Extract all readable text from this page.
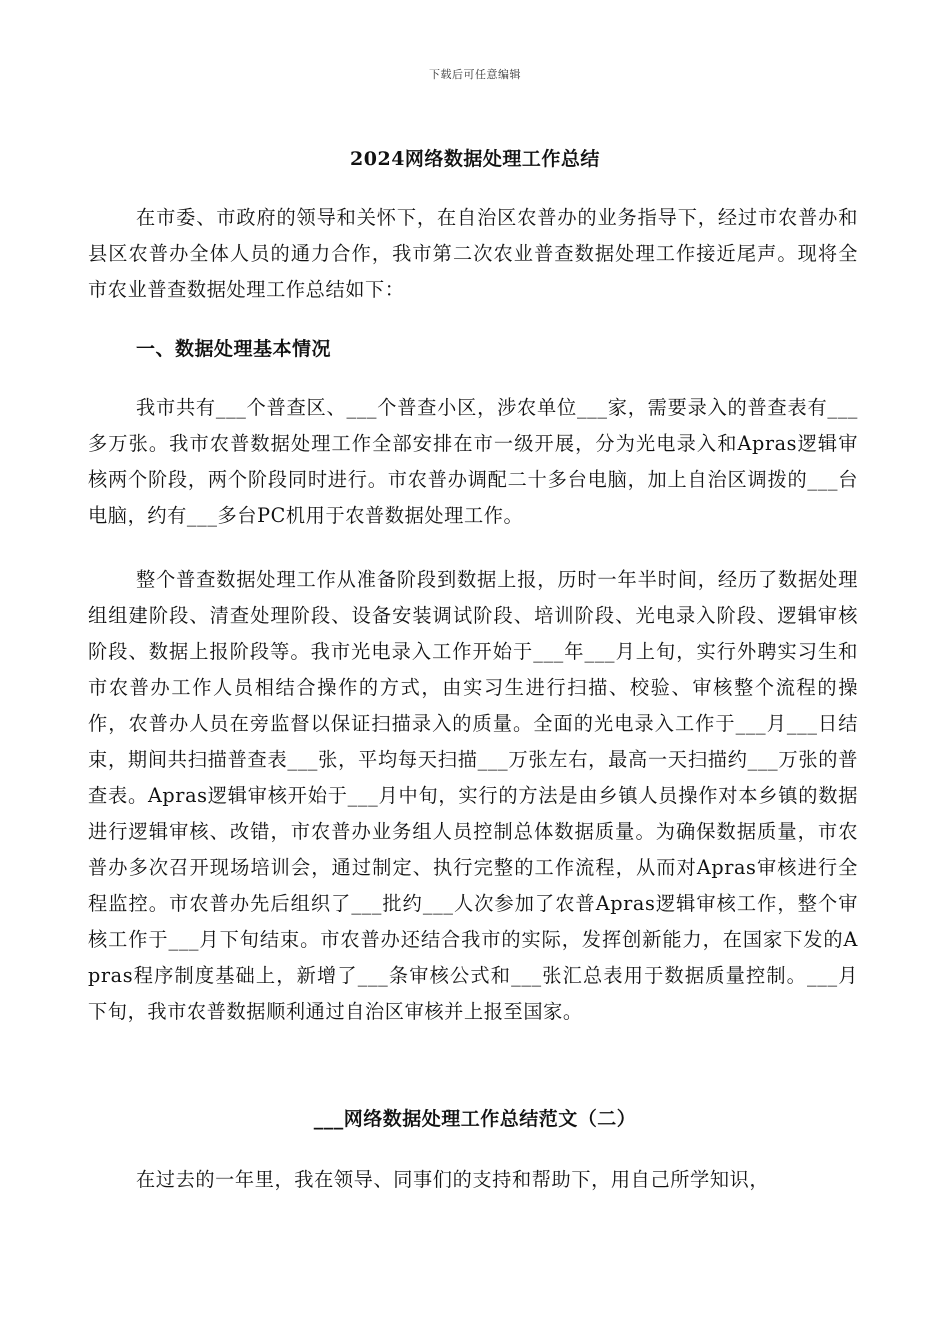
下载后可任意编辑
2024网络数据处理工作总结

在市委、市政府的领导和关怀下，在自治区农普办的业务指导下，经过市农普办和县区农普办全体人员的通力合作，我市第二次农业普查数据处理工作接近尾声。现将全市农业普查数据处理工作总结如下：

一、数据处理基本情况

我市共有___个普查区、___个普查小区，涉农单位___家，需要录入的普查表有___多万张。我市农普数据处理工作全部安排在市一级开展，分为光电录入和Apras逻辑审核两个阶段，两个阶段同时进行。市农普办调配二十多台电脑，加上自治区调拨的___台电脑，约有___多台PC机用于农普数据处理工作。

整个普查数据处理工作从准备阶段到数据上报，历时一年半时间，经历了数据处理组组建阶段、清查处理阶段、设备安装调试阶段、培训阶段、光电录入阶段、逻辑审核阶段、数据上报阶段等。我市光电录入工作开始于___年___月上旬，实行外聘实习生和市农普办工作人员相结合操作的方式，由实习生进行扫描、校验、审核整个流程的操作，农普办人员在旁监督以保证扫描录入的质量。全面的光电录入工作于___月___日结束，期间共扫描普查表___张，平均每天扫描___万张左右，最高一天扫描约___万张的普查表。Apras逻辑审核开始于___月中旬，实行的方法是由乡镇人员操作对本乡镇的数据进行逻辑审核、改错，市农普办业务组人员控制总体数据质量。为确保数据质量，市农普办多次召开现场培训会，通过制定、执行完整的工作流程，从而对Apras审核进行全程监控。市农普办先后组织了___批约___人次参加了农普Apras逻辑审核工作，整个审核工作于___月下旬结束。市农普办还结合我市的实际，发挥创新能力，在国家下发的Apras程序制度基础上，新增了___条审核公式和___张汇总表用于数据质量控制。___月下旬，我市农普数据顺利通过自治区审核并上报至国家。

___网络数据处理工作总结范文（二）

在过去的一年里，我在领导、同事们的支持和帮助下，用自己所学知识，
